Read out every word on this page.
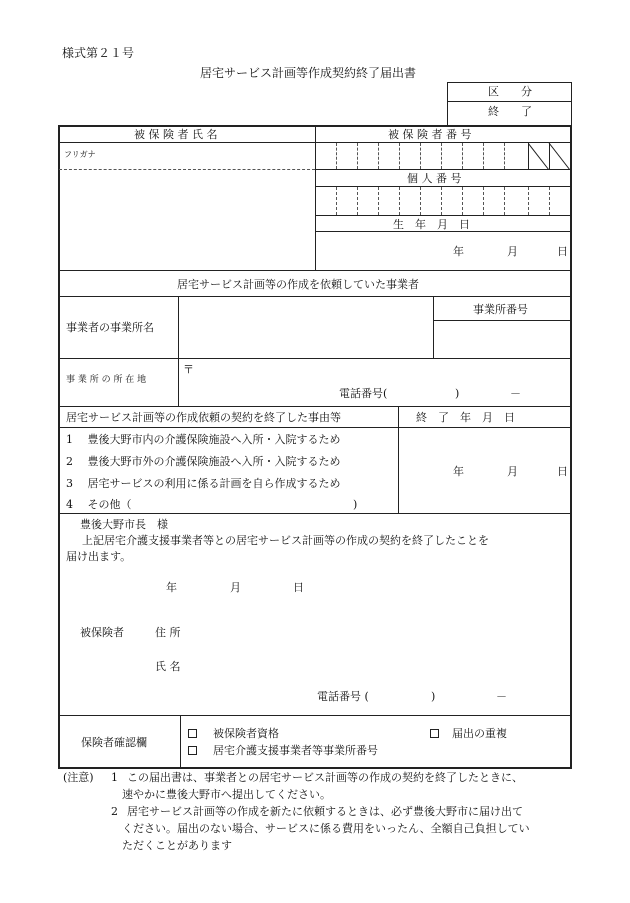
様式第２１号
居宅サービス計画等作成契約終了届出書
区　　分
終　　了
被 保 険 者 氏 名	被 保 険 者 番 号
フリガナ
個 人 番 号
生　年　月　日
年	月	日
居宅サービス計画等の作成を依頼していた事業者
事業所番号
事業者の事業所名
事 業 所 の 所 在 地
〒
電話番号(	)	－
居宅サービス計画等の作成依頼の契約を終了した事由等	終　了　年　月　日
1　 豊後大野市内の介護保険施設へ入所・入院するため
2　 豊後大野市外の介護保険施設へ入所・入院するため
3　 居宅サービスの利用に係る計画を自ら作成するため
4　 その他（	)
年	月	日
豊後大野市長　様
上記居宅介護支援事業者等との居宅サービス計画等の作成の契約を終了したことを
届け出ます。
年	月	日
被保険者	住 所
氏 名
電話番号 (	)	－
保険者確認欄
被保険者資格	届出の重複
居宅介護支援事業者等事業所番号
(注意) 1 この届出書は、事業者との居宅サービス計画等の作成の契約を終了したときに、
速やかに豊後大野市へ提出してください。
2 居宅サービス計画等の作成を新たに依頼するときは、必ず豊後大野市に届け出て
ください。届出のない場合、サービスに係る費用をいったん、全額自己負担してい
ただくことがあります
